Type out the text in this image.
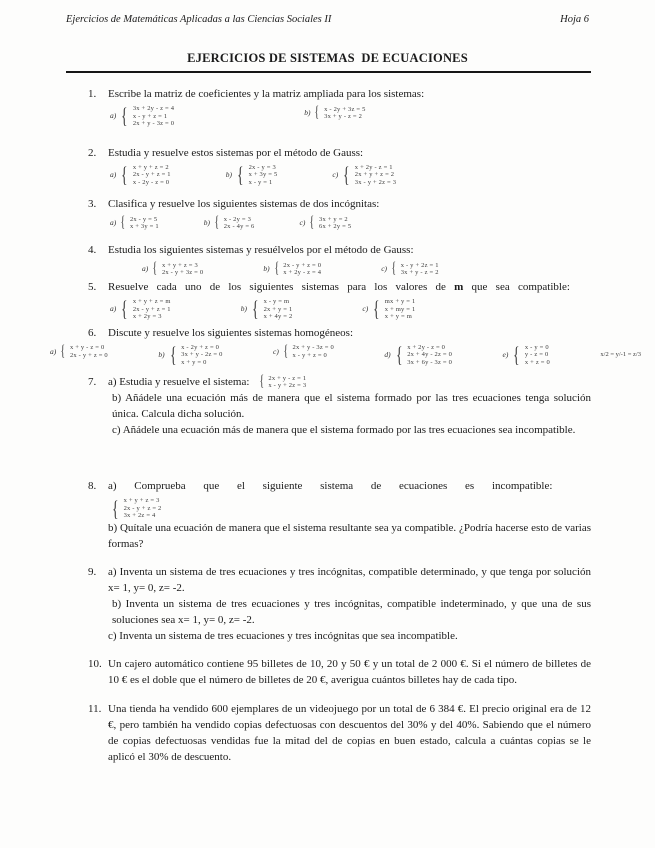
Ejercicios de Matemáticas Aplicadas a las Ciencias Sociales II	Hoja 6
EJERCICIOS DE SISTEMAS  DE ECUACIONES
1.	Escribe la matriz de coeficientes y la matriz ampliada para los sistemas:

a)
{
3x + 2y - z = 4
x - y + z = 1
2x + y - 3z = 0
b) { x - 2y + 3z = 5
3x + y - z = 2
2.	Estudia y resuelve estos sistemas por el método de Gauss:

a)
{
x + y + z = 2
2x - y + z = 1
x - 2y - z = 0
b)
{
2x - y = 3
x + 3y = 5
x - y = 1
c)
{
x + 2y - z = 1
2x + y + z = 2
3x - y + 2z = 3
3.	Clasifica y resuelve los siguientes sistemas de dos incógnitas:

a) { 2x - y = 5
x + 3y = 1	b) { x - 2y = 3
2x - 4y = 6	c) { 3x + y = 2
6x + 2y = 5
4.	Estudia los siguientes sistemas y resuélvelos por el método de Gauss:

a) { x + y + z = 3
2x - y + 3z = 0	b) { 2x - y + z = 0
x + 2y - z = 4	c) { x - y + 2z = 1
3x + y - z = 2
5.	Resuelve cada uno de los siguientes sistemas para los valores de m que sea compatible:

a)
{
x + y + z = m
2x - y + z = 1
x + 2y = 3
b)
{
x - y = m
2x + y = 1
x + 4y = 2
c)
{
mx + y = 1
x + my = 1
x + y = m
6.	Discute y resuelve los siguientes sistemas homogéneos:

a) { x + y - z = 0
2x - y + z = 0	b)
{
x - 2y + z = 0
3x + y - 2z = 0
x + y = 0
c) { 2x + y - 3z = 0
x - y + z = 0	d)
{
x + 2y - z = 0
2x + 4y - 2z = 0
3x + 6y - 3z = 0
e)
{
x - y = 0
y - z = 0
x + z = 0
x/2 = y/-1 = z/3
7.	a) Estudia y resuelve el sistema: {	2x + y - z = 1
x - y + 2z = 3

b) Añádele una ecuación más de manera que el sistema formado por las tres ecuaciones tenga solución única. Calcula dicha solución.

c) Añádele una ecuación más de manera que el sistema formado por las tres ecuaciones sea incompatible.

8.	a) Comprueba que el siguiente sistema de ecuaciones es incompatible:

{
x + y + z = 3
2x - y + z = 2
3x + 2z = 4

b) Quítale una ecuación de manera que el sistema resultante sea ya compatible. ¿Podría hacerse esto de varias formas?

9.	a) Inventa un sistema de tres ecuaciones y tres incógnitas, compatible determinado, y que tenga por solución x= 1, y= 0, z= -2.

b) Inventa un sistema de tres ecuaciones y tres incógnitas, compatible indeterminado, y que una de sus soluciones sea x= 1, y= 0, z= -2.

c) Inventa un sistema de tres ecuaciones y tres incógnitas que sea incompatible.

10. Un cajero automático contiene 95 billetes de 10, 20 y 50 € y un total de 2 000 €. Si el número de billetes de 10 € es el doble que el número de billetes de 20 €, averigua cuántos billetes hay de cada tipo.

11. Una tienda ha vendido 600 ejemplares de un videojuego por un total de 6 384 €. El precio original era de 12 €, pero también ha vendido copias defectuosas con descuentos del 30% y del 40%. Sabiendo que el número de copias defectuosas vendidas fue la mitad del de copias en buen estado, calcula a cuántas copias se le aplicó el 30% de descuento.
